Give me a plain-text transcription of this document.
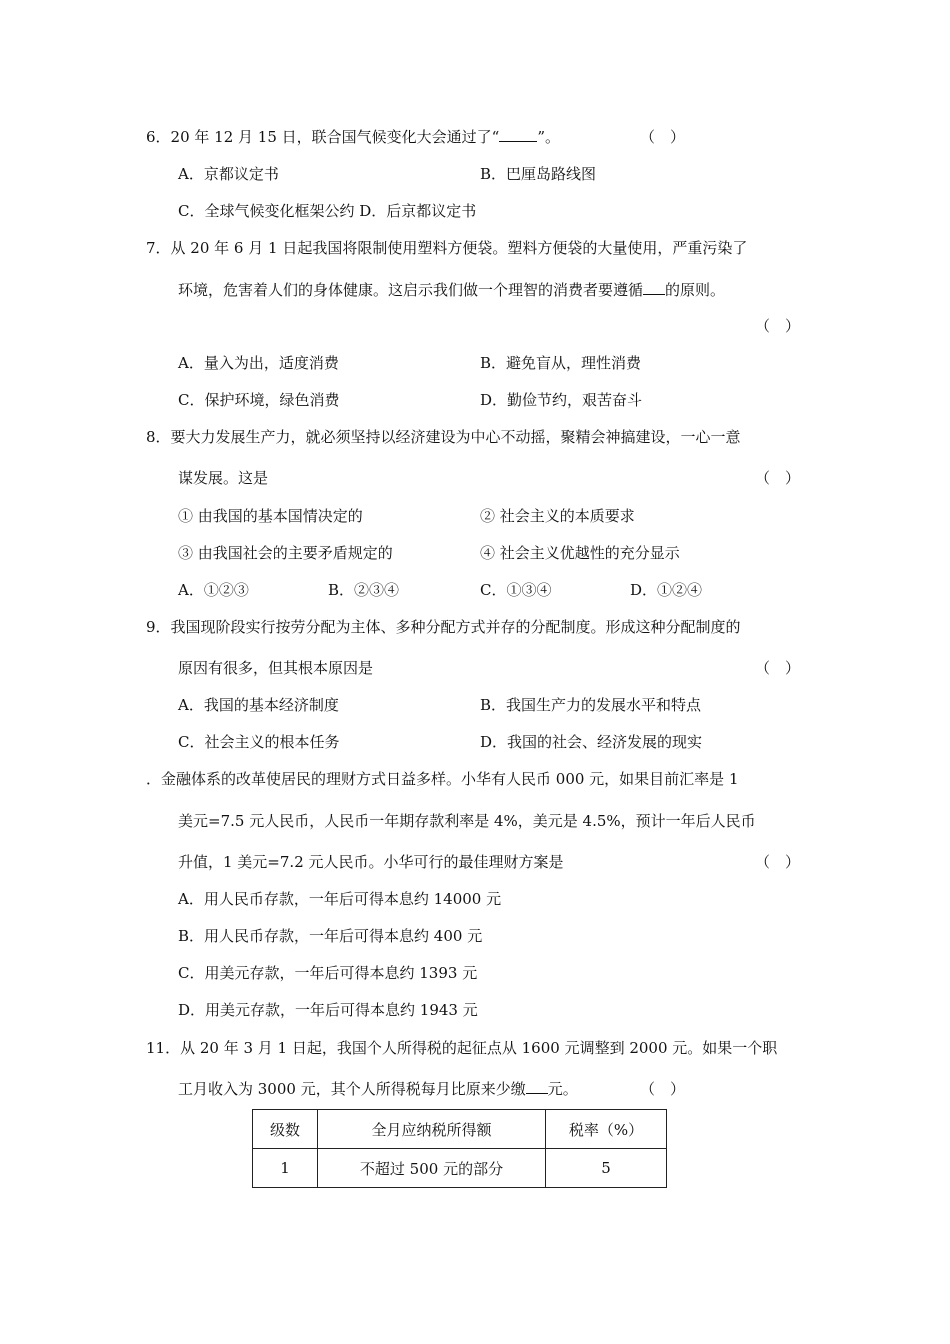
6．20 年 12 月 15 日，联合国气候变化大会通过了“	”。	（　）
A．京都议定书	B．巴厘岛路线图
C．全球气候变化框架公约 D．后京都议定书
7．从 20 年 6 月 1 日起我国将限制使用塑料方便袋。塑料方便袋的大量使用，严重污染了
环境，危害着人们的身体健康。这启示我们做一个理智的消费者要遵循 的原则。
（　）
A．量入为出，适度消费	B．避免盲从，理性消费
C．保护环境，绿色消费	D．勤俭节约，艰苦奋斗
8．要大力发展生产力，就必须坚持以经济建设为中心不动摇，聚精会神搞建设，一心一意
谋发展。这是	（　）
① 由我国的基本国情决定的	② 社会主义的本质要求
③ 由我国社会的主要矛盾规定的	④ 社会主义优越性的充分显示
A．①②③	B．②③④	C．①③④	D．①②④
9．我国现阶段实行按劳分配为主体、多种分配方式并存的分配制度。形成这种分配制度的
原因有很多，但其根本原因是	（　）
A．我国的基本经济制度	B．我国生产力的发展水平和特点
C．社会主义的根本任务	D．我国的社会、经济发展的现实
．金融体系的改革使居民的理财方式日益多样。小华有人民币 000 元，如果目前汇率是 1
美元=7.5 元人民币，人民币一年期存款利率是 4%，美元是 4.5%，预计一年后人民币
升值，1 美元=7.2 元人民币。小华可行的最佳理财方案是	（　）
A．用人民币存款，一年后可得本息约 14000 元
B．用人民币存款，一年后可得本息约 400 元
C．用美元存款，一年后可得本息约 1393 元
D．用美元存款，一年后可得本息约 1943 元
11．从 20 年 3 月 1 日起，我国个人所得税的起征点从 1600 元调整到 2000 元。如果一个职
工月收入为 3000 元，其个人所得税每月比原来少缴 元。	（　）
级数	全月应纳税所得额	税率（%）
1	不超过 500 元的部分	5
